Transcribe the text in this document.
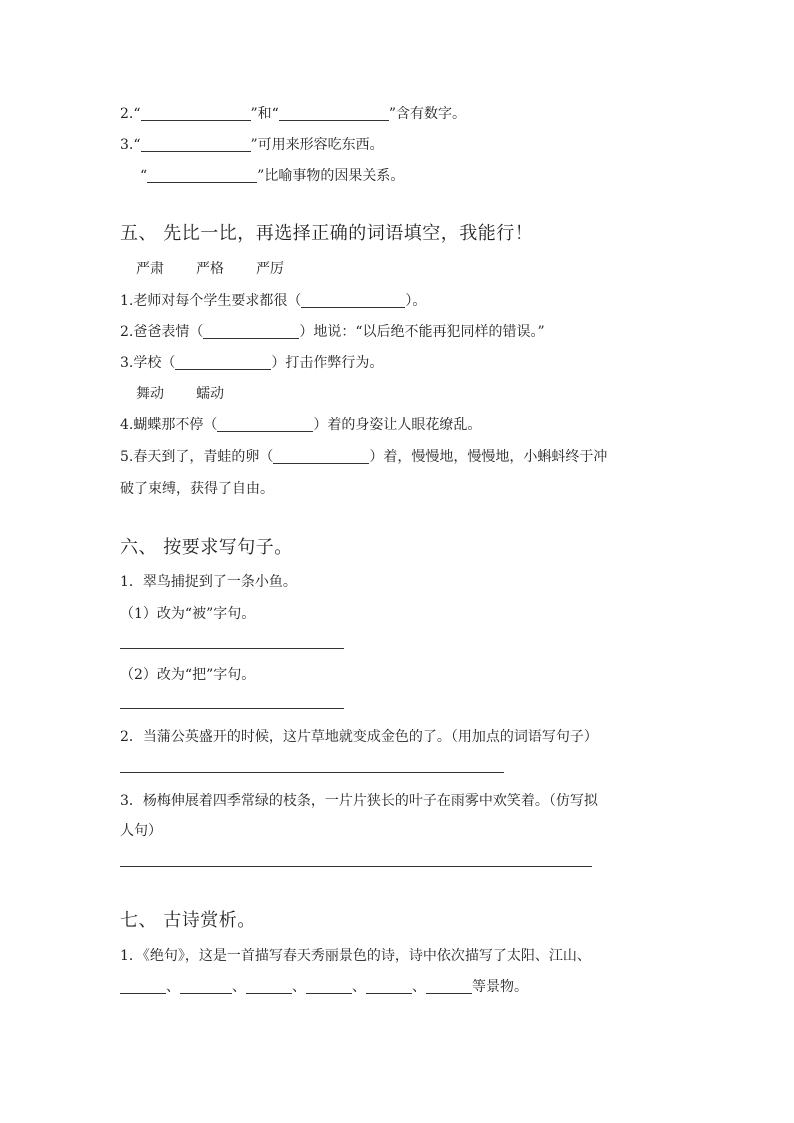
2.“	”和“	”含有数字。
3.“	”可用来形容吃东西。
“	”比喻事物的因果关系。
五、 先比一比，再选择正确的词语填空，我能行！
严肃 严格 严厉
1.老师对每个学生要求都很（	）。
2.爸爸表情（	）地说：“以后绝不能再犯同样的错误。”
3.学校（	）打击作弊行为。
舞动 蠕动
4.蝴蝶那不停（	）着的身姿让人眼花缭乱。
5.春天到了，青蛙的卵（	）着，慢慢地，慢慢地，小蝌蚪终于冲
破了束缚，获得了自由。
六、 按要求写句子。
1．翠鸟捕捉到了一条小鱼。
（1）改为“被”字句。
（2）改为“把”字句。
2．当蒲公英盛开的时候，这片草地就变成金色的了。（用加点的词语写句子）
3．杨梅伸展着四季常绿的枝条，一片片狭长的叶子在雨雾中欢笑着。（仿写拟
人句）
七、 古诗赏析。
1．《绝句》，这是一首描写春天秀丽景色的诗，诗中依次描写了太阳、江山、
、	、	、	、	、	等景物。
